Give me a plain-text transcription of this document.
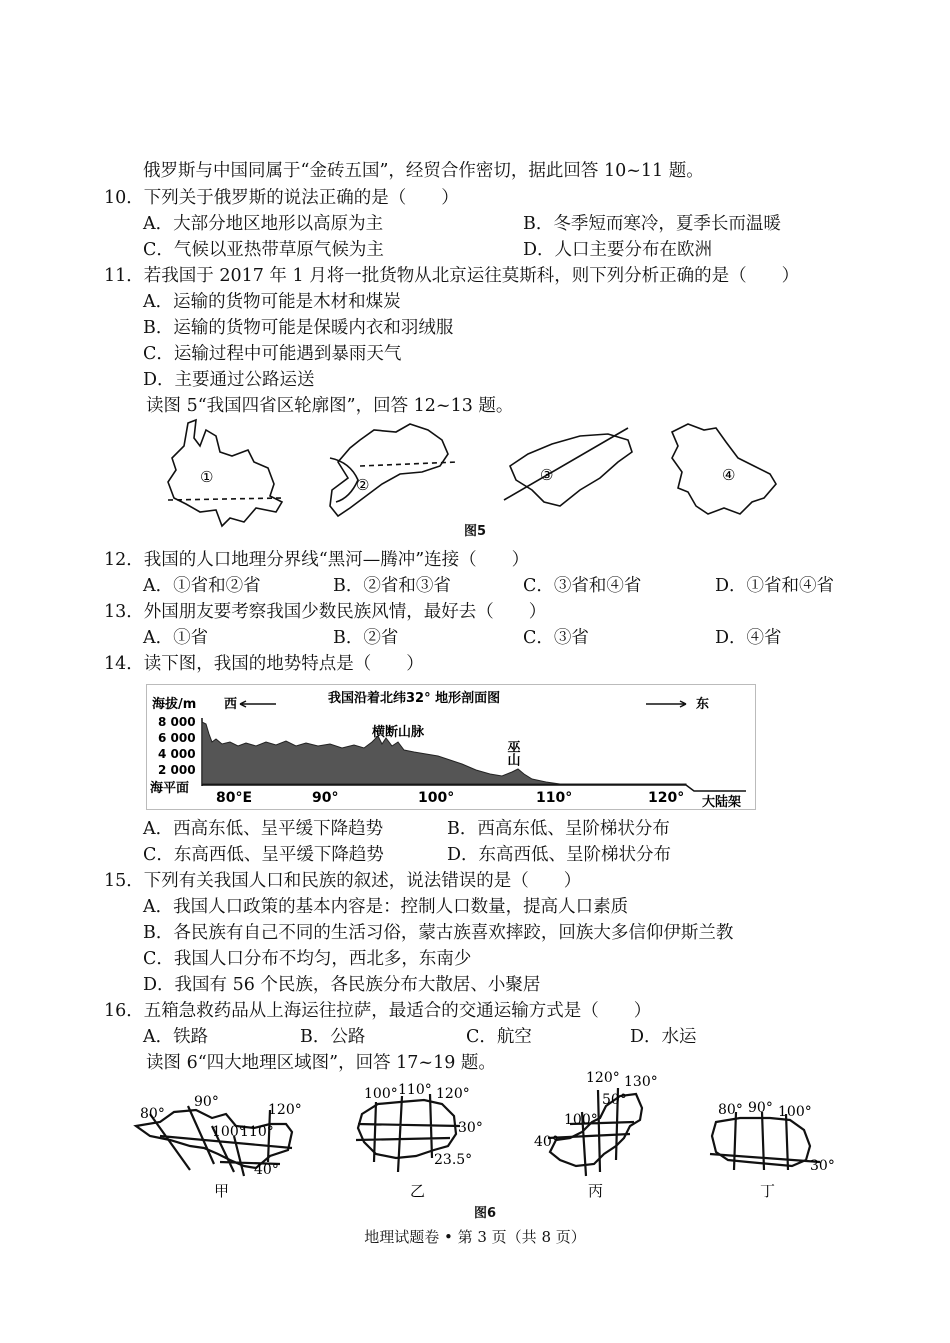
俄罗斯与中国同属于“金砖五国”，经贸合作密切，据此回答 10~11 题。
10．下列关于俄罗斯的说法正确的是（　　）
A．大部分地区地形以高原为主	B．冬季短而寒冷，夏季长而温暖
C．气候以亚热带草原气候为主	D．人口主要分布在欧洲
11．若我国于 2017 年 1 月将一批货物从北京运往莫斯科，则下列分析正确的是（　　）
A．运输的货物可能是木材和煤炭
B．运输的货物可能是保暖内衣和羽绒服
C．运输过程中可能遇到暴雨天气
D．主要通过公路运送
读图 5“我国四省区轮廓图”，回答 12~13 题。
①	②
③	④
图5
12．我国的人口地理分界线“黑河—腾冲”连接（　　）
A．①省和②省	B．②省和③省	C．③省和④省	D．①省和④省
13．外国朋友要考察我国少数民族风情，最好去（　　）
A．①省	B．②省	C．③省	D．④省
14．读下图，我国的地势特点是（　　）
海拔/m 西	我国沿着北纬32° 地形剖面图	东
8 000
6 000
4 000
2 000
海平面
横断山脉
巫山
80°E	90°	100°	110°	120° 大陆架
A．西高东低、呈平缓下降趋势	B．西高东低、呈阶梯状分布
C．东高西低、呈平缓下降趋势	D．东高西低、呈阶梯状分布
15．下列有关我国人口和民族的叙述，说法错误的是（　　）
A．我国人口政策的基本内容是：控制人口数量，提高人口素质
B．各民族有自己不同的生活习俗，蒙古族喜欢摔跤，回族大多信仰伊斯兰教
C．我国人口分布不均匀，西北多，东南少
D．我国有 56 个民族，各民族分布大散居、小聚居
16．五箱急救药品从上海运往拉萨，最适合的交通运输方式是（　　）
A．铁路	B．公路	C．航空	D．水运
读图 6“四大地理区域图”，回答 17~19 题。
80°
90°
100°
110°
120°
40°
100° 110° 120°
30°
23.5°
120° 130°
50°
100°
40°
80° 90° 100°
30°
甲	乙	丙	丁
图6
地理试题卷 • 第 3 页（共 8 页）
